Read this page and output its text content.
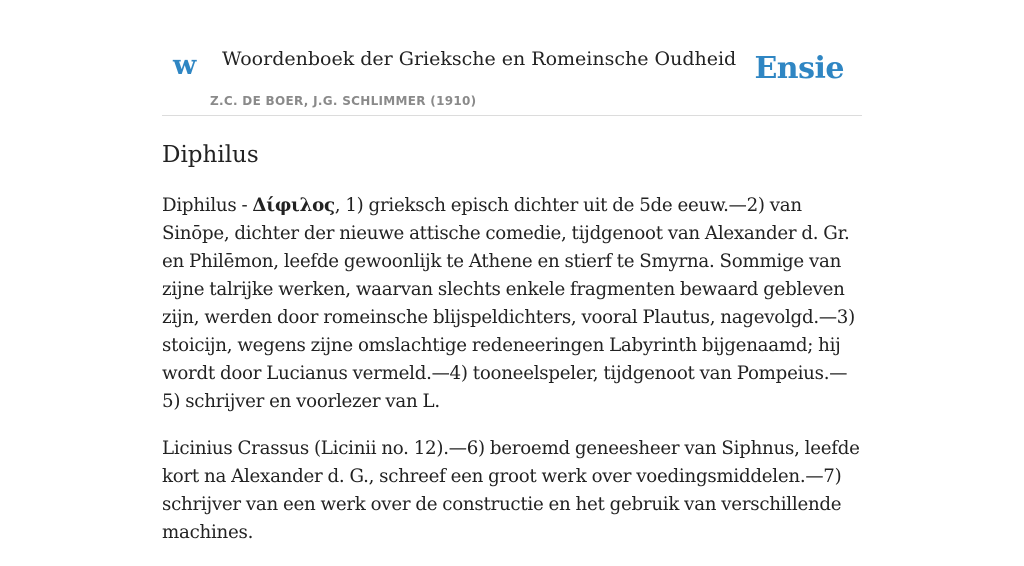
w Woordenboek der Grieksche en Romeinsche Oudheid
Z.C. DE BOER, J.G. SCHLIMMER (1910)
Ensie
Diphilus

Diphilus - Δίφιλος, 1) grieksch episch dichter uit de 5de eeuw.—2) van Sinōpe, dichter der nieuwe attische comedie, tijdgenoot van Alexander d. Gr. en Philēmon, leefde gewoonlijk te Athene en stierf te Smyrna. Sommige van zijne talrijke werken, waarvan slechts enkele fragmenten bewaard gebleven zijn, werden door romeinsche blijspeldichters, vooral Plautus, nagevolgd.—3) stoicijn, wegens zijne omslachtige redeneeringen Labyrinth bijgenaamd; hij wordt door Lucianus vermeld.—4) tooneelspeler, tijdgenoot van Pompeius.—5) schrijver en voorlezer van L.

Licinius Crassus (Licinii no. 12).—6) beroemd geneesheer van Siphnus, leefde kort na Alexander d. G., schreef een groot werk over voedingsmiddelen.—7) schrijver van een werk over de constructie en het gebruik van verschillende machines.
